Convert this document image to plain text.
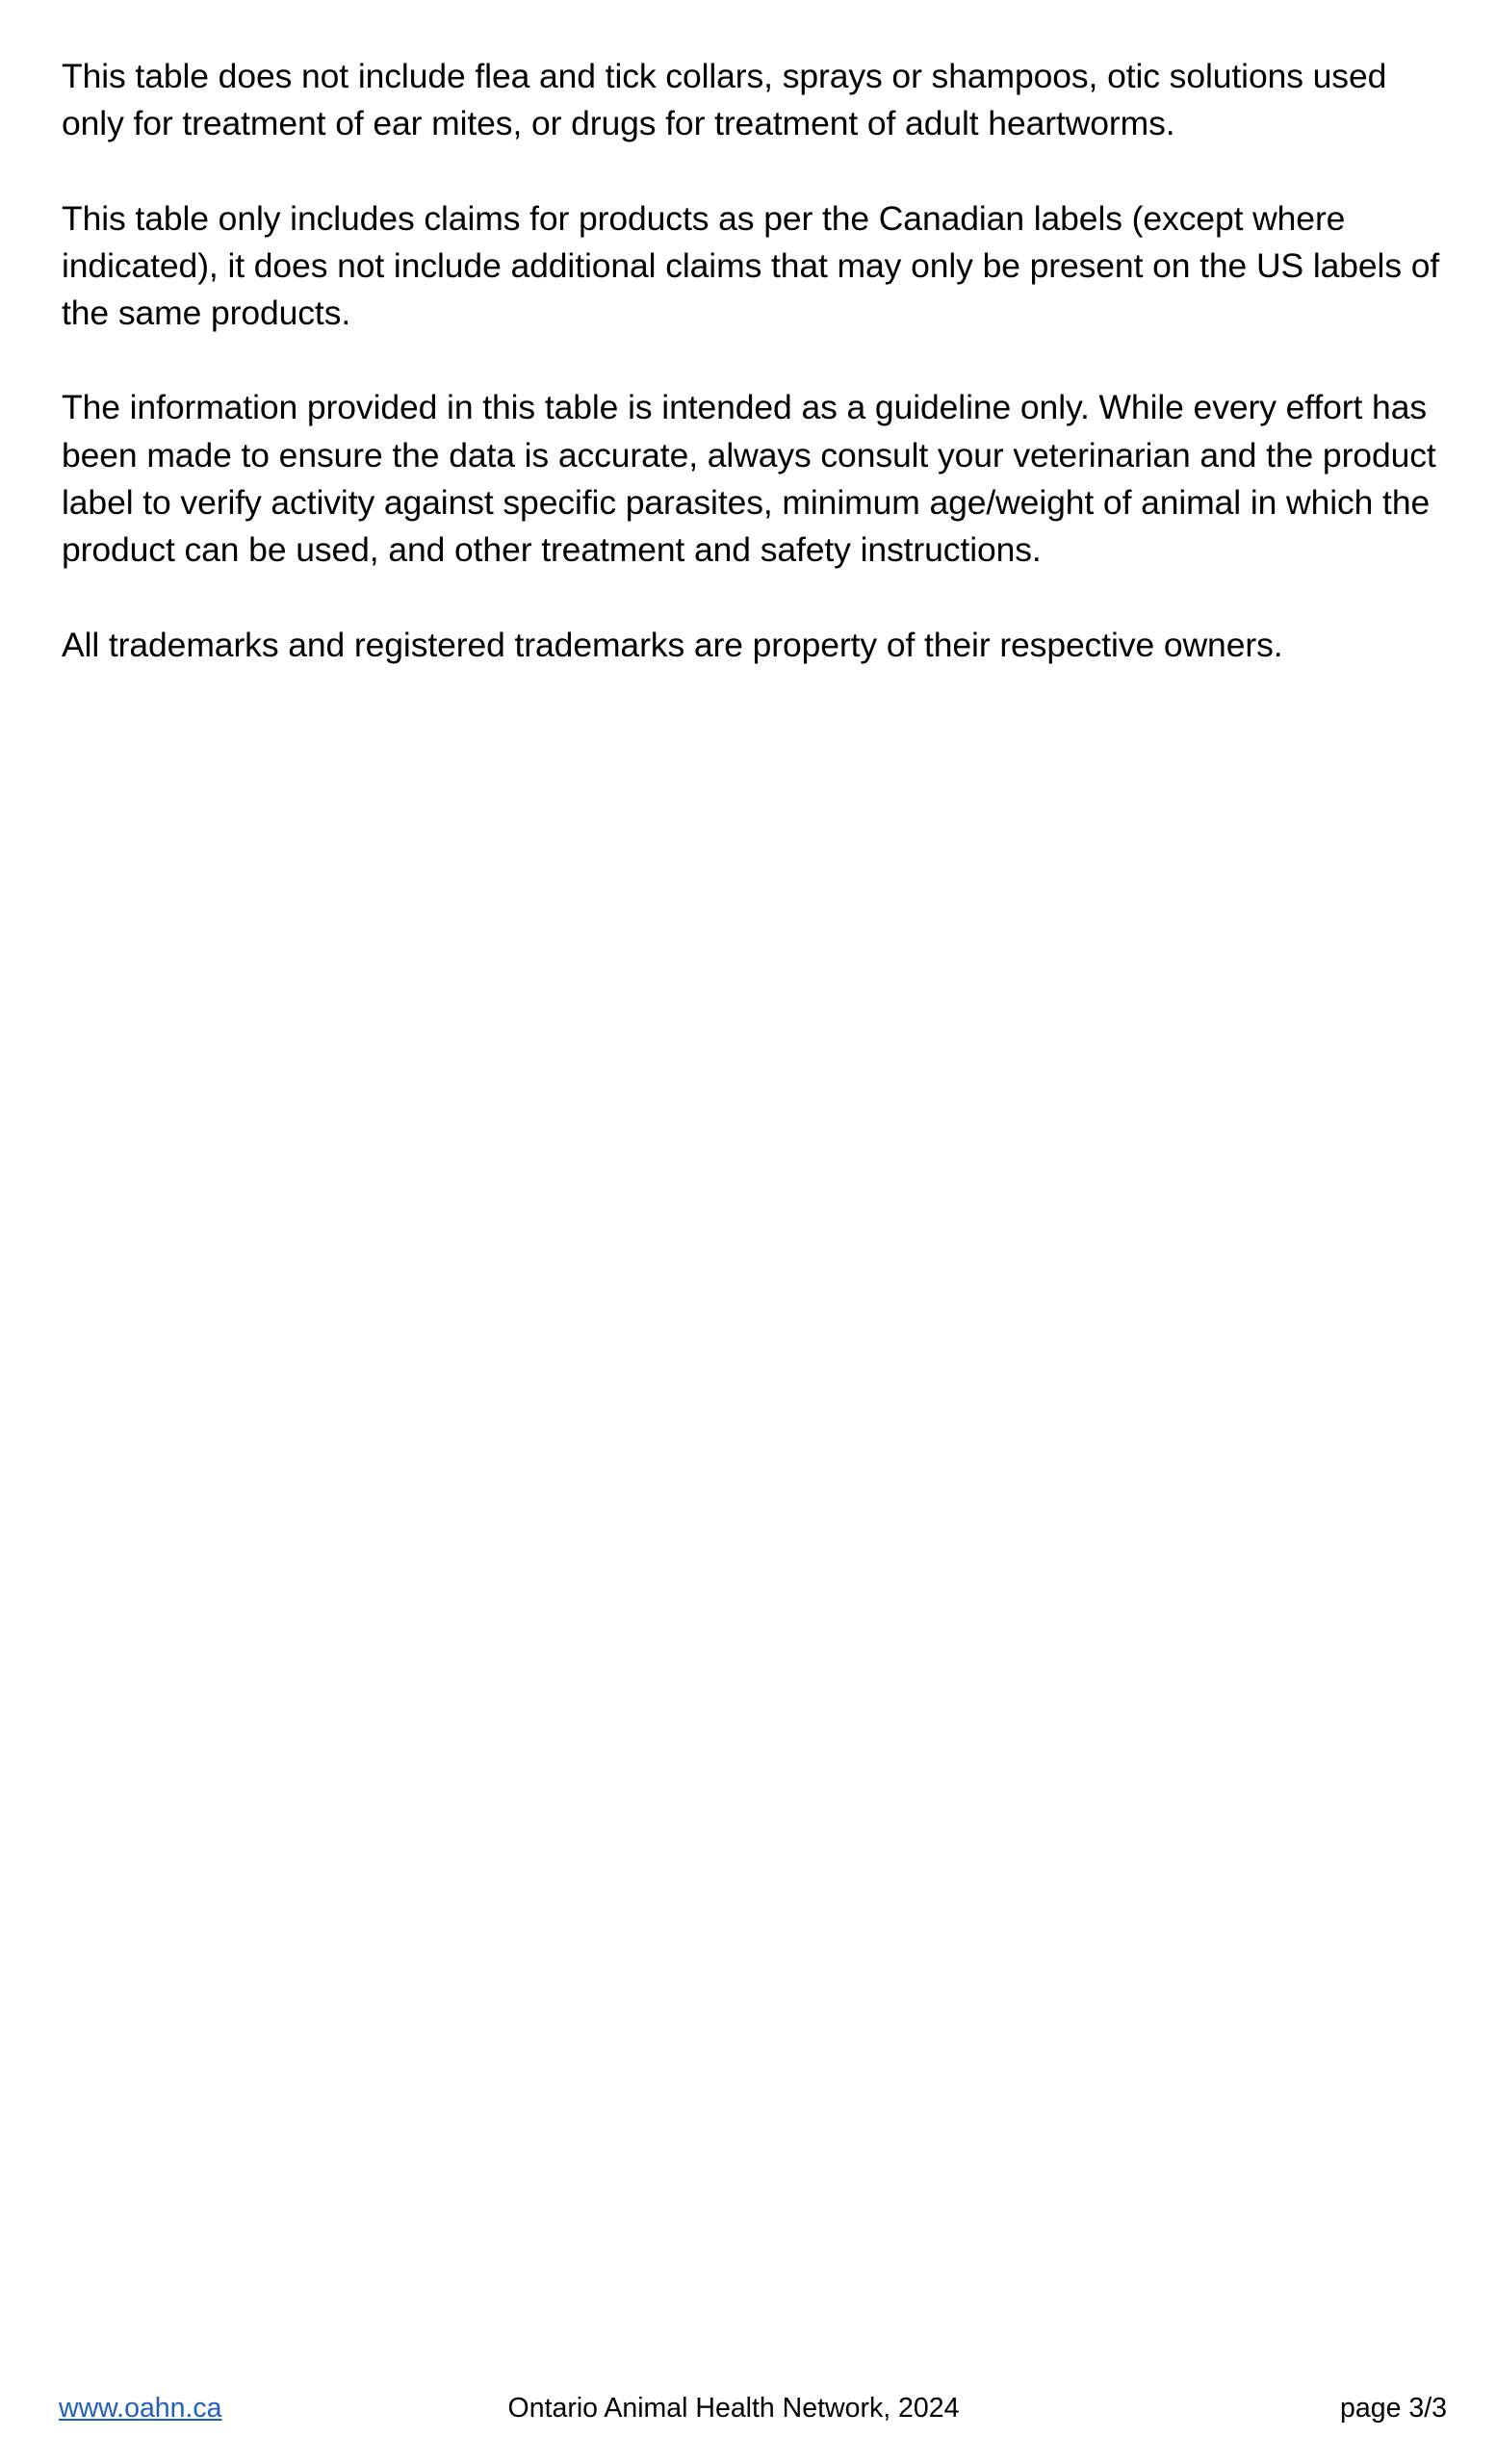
This table does not include flea and tick collars, sprays or shampoos, otic solutions used only for treatment of ear mites, or drugs for treatment of adult heartworms.

This table only includes claims for products as per the Canadian labels (except where indicated), it does not include additional claims that may only be present on the US labels of the same products.

The information provided in this table is intended as a guideline only. While every effort has been made to ensure the data is accurate, always consult your veterinarian and the product label to verify activity against specific parasites, minimum age/weight of animal in which the product can be used, and other treatment and safety instructions.

All trademarks and registered trademarks are property of their respective owners.

www.oahn.ca	Ontario Animal Health Network, 2024	page 3/3
